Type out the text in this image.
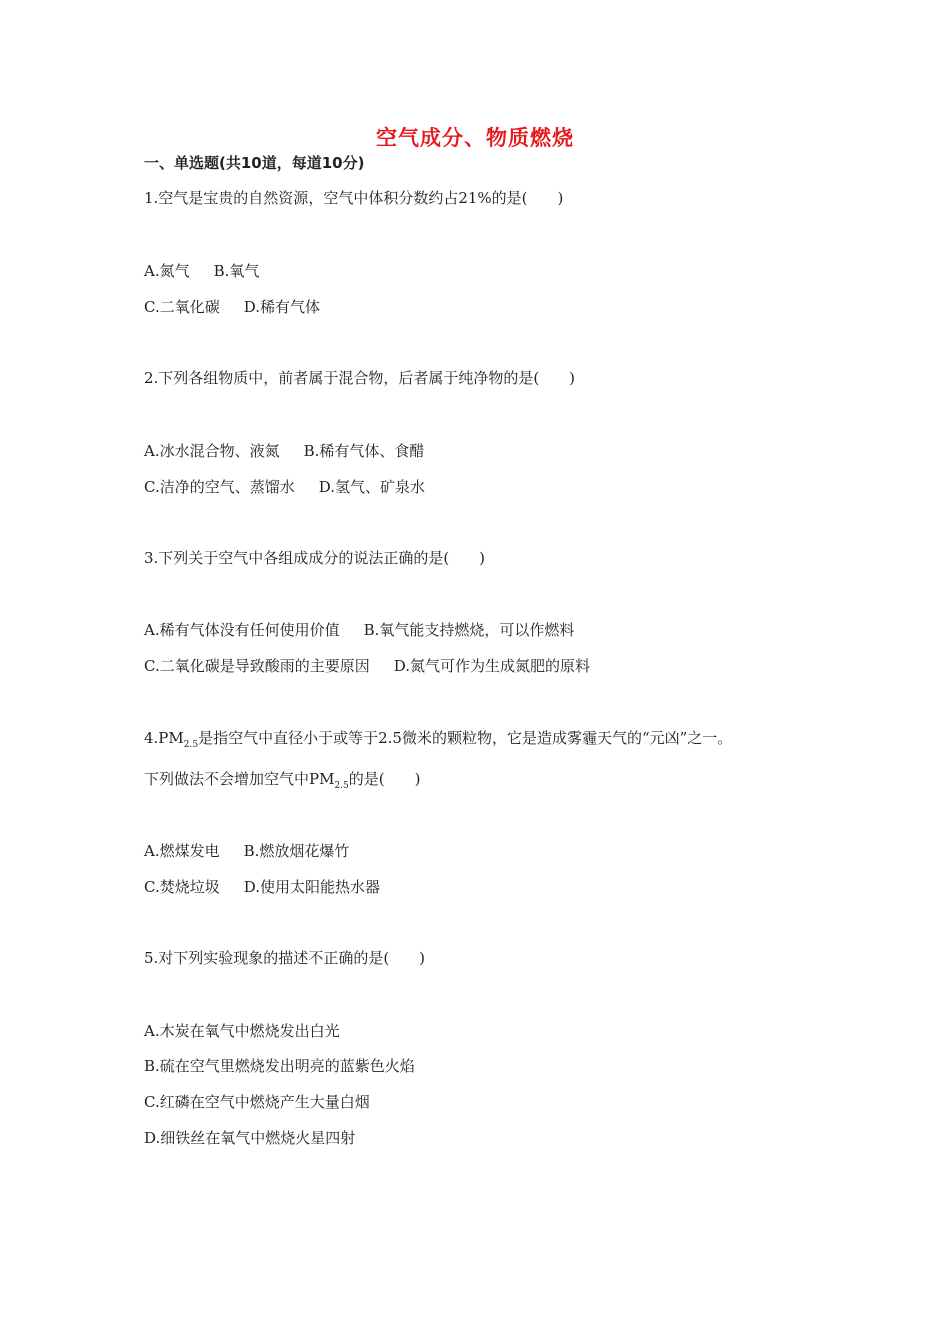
空气成分、物质燃烧
一、单选题(共10道，每道10分)
1.空气是宝贵的自然资源，空气中体积分数约占21%的是(　　)
A.氮气 B.氧气
C.二氧化碳 D.稀有气体
2.下列各组物质中，前者属于混合物，后者属于纯净物的是(　　)
A.冰水混合物、液氮 B.稀有气体、食醋
C.洁净的空气、蒸馏水 D.氢气、矿泉水
3.下列关于空气中各组成成分的说法正确的是(　　)
A.稀有气体没有任何使用价值 B.氧气能支持燃烧，可以作燃料
C.二氧化碳是导致酸雨的主要原因 D.氮气可作为生成氮肥的原料
$4.PM_{2.5}$是指空气中直径小于或等于2.5微米的颗粒物，它是造成雾霾天气的“元凶”之一。
下列做法不会增加空气中$PM_{2.5}$的是(　　)
A.燃煤发电 B.燃放烟花爆竹
C.焚烧垃圾 D.使用太阳能热水器
5.对下列实验现象的描述不正确的是(　　)
A.木炭在氧气中燃烧发出白光
B.硫在空气里燃烧发出明亮的蓝紫色火焰
C.红磷在空气中燃烧产生大量白烟
D.细铁丝在氧气中燃烧火星四射
